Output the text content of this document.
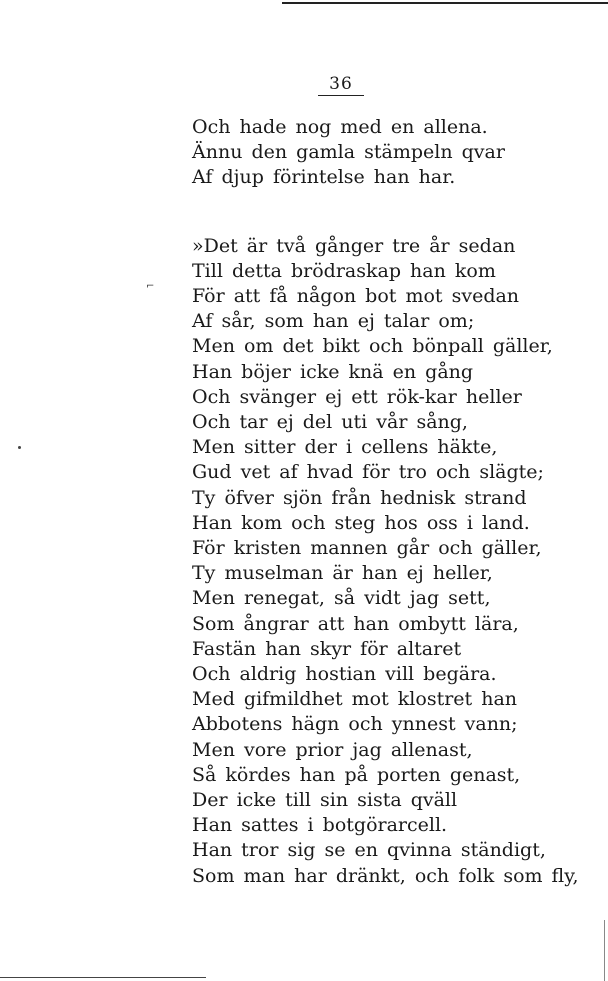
36
⌐
Och hade nog med en allena.
Ännu den gamla stämpeln qvar
Af djup förintelse han har.
»Det är två gånger tre år sedan
Till detta brödraskap han kom
För att få någon bot mot svedan
Af sår, som han ej talar om;
Men om det bikt och bönpall gäller,
Han böjer icke knä en gång
Och svänger ej ett rök-kar heller
Och tar ej del uti vår sång,
Men sitter der i cellens häkte,
Gud vet af hvad för tro och slägte;
Ty öfver sjön från hednisk strand
Han kom och steg hos oss i land.
För kristen mannen går och gäller,
Ty muselman är han ej heller,
Men renegat, så vidt jag sett,
Som ångrar att han ombytt lära,
Fastän han skyr för altaret
Och aldrig hostian vill begära.
Med gifmildhet mot klostret han
Abbotens hägn och ynnest vann;
Men vore prior jag allenast,
Så kördes han på porten genast,
Der icke till sin sista qväll
Han sattes i botgörarcell.
Han tror sig se en qvinna ständigt,
Som man har dränkt, och folk som fly,
